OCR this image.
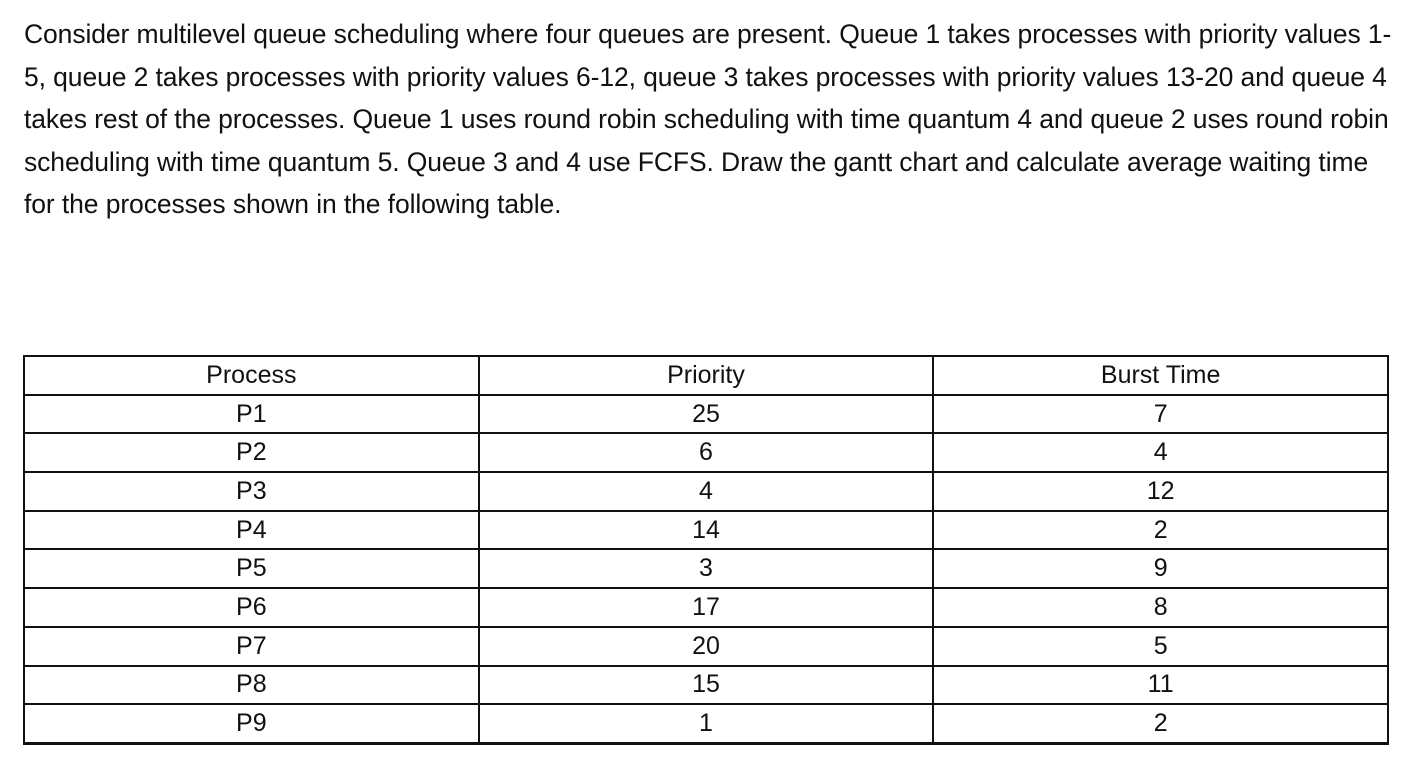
Consider multilevel queue scheduling where four queues are present. Queue 1 takes processes with priority values 1-5, queue 2 takes processes with priority values 6-12, queue 3 takes processes with priority values 13-20 and queue 4 takes rest of the processes. Queue 1 uses round robin scheduling with time quantum 4 and queue 2 uses round robin scheduling with time quantum 5. Queue 3 and 4 use FCFS. Draw the gantt chart and calculate average waiting time for the processes shown in the following table.

Process	Priority	Burst Time
P1	25	7
P2	6	4
P3	4	12
P4	14	2
P5	3	9
P6	17	8
P7	20	5
P8	15	11
P9	1	2
